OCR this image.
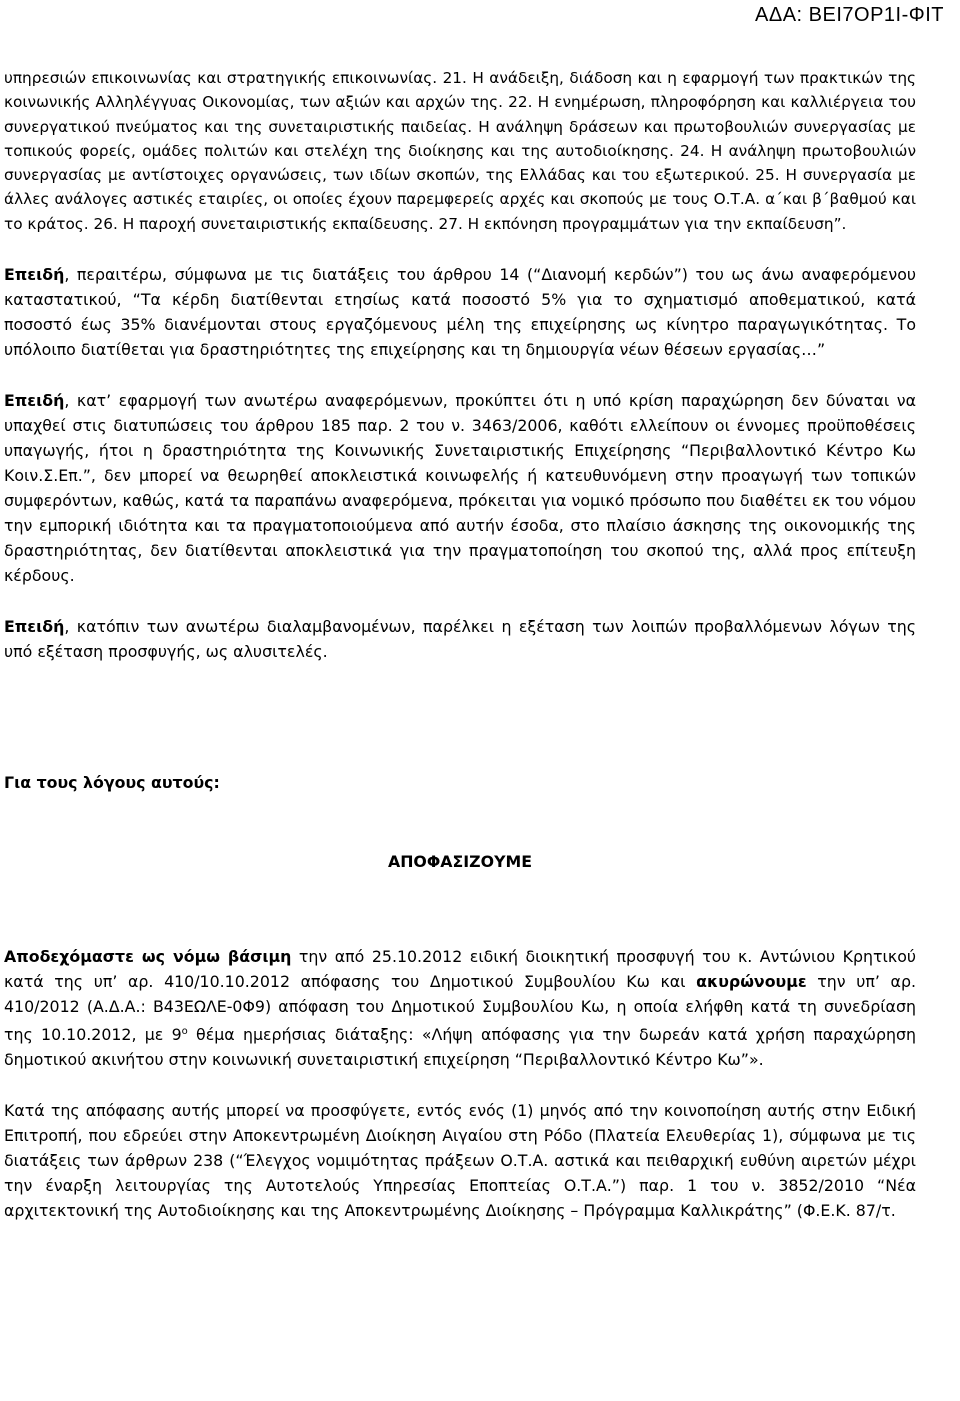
ΑΔΑ: ΒΕΙ7ΟΡ1Ι-ΦΙΤ

υπηρεσιών επικοινωνίας και στρατηγικής επικοινωνίας. 21. Η ανάδειξη, διάδοση και η εφαρμογή των πρακτικών της κοινωνικής Αλληλέγγυας Οικονομίας, των αξιών και αρχών της. 22. Η ενημέρωση, πληροφόρηση και καλλιέργεια του συνεργατικού πνεύματος και της συνεταιριστικής παιδείας. Η ανάληψη δράσεων και πρωτοβουλιών συνεργασίας με τοπικούς φορείς, ομάδες πολιτών και στελέχη της διοίκησης και της αυτοδιοίκησης. 24. Η ανάληψη πρωτοβουλιών συνεργασίας με αντίστοιχες οργανώσεις, των ιδίων σκοπών, της Ελλάδας και του εξωτερικού. 25. Η συνεργασία με άλλες ανάλογες αστικές εταιρίες, οι οποίες έχουν παρεμφερείς αρχές και σκοπούς με τους Ο.Τ.Α. α΄και β΄βαθμού και το κράτος. 26. Η παροχή συνεταιριστικής εκπαίδευσης. 27. Η εκπόνηση προγραμμάτων για την εκπαίδευση”.

Επειδή, περαιτέρω, σύμφωνα με τις διατάξεις του άρθρου 14 (“Διανομή κερδών”) του ως άνω αναφερόμενου καταστατικού, “Τα κέρδη διατίθενται ετησίως κατά ποσοστό 5% για το σχηματισμό αποθεματικού, κατά ποσοστό έως 35% διανέμονται στους εργαζόμενους μέλη της επιχείρησης ως κίνητρο παραγωγικότητας. Το υπόλοιπο διατίθεται για δραστηριότητες της επιχείρησης και τη δημιουργία νέων θέσεων εργασίας…”

Επειδή, κατ’ εφαρμογή των ανωτέρω αναφερόμενων, προκύπτει ότι η υπό κρίση παραχώρηση δεν δύναται να υπαχθεί στις διατυπώσεις του άρθρου 185 παρ. 2 του ν. 3463/2006, καθότι ελλείπουν οι έννομες προϋποθέσεις υπαγωγής, ήτοι η δραστηριότητα της Κοινωνικής Συνεταιριστικής Επιχείρησης “Περιβαλλοντικό Κέντρο Κω Κοιν.Σ.Επ.”, δεν μπορεί να θεωρηθεί αποκλειστικά κοινωφελής ή κατευθυνόμενη στην προαγωγή των τοπικών συμφερόντων, καθώς, κατά τα παραπάνω αναφερόμενα, πρόκειται για νομικό πρόσωπο που διαθέτει εκ του νόμου την εμπορική ιδιότητα και τα πραγματοποιούμενα από αυτήν έσοδα, στο πλαίσιο άσκησης της οικονομικής της δραστηριότητας, δεν διατίθενται αποκλειστικά για την πραγματοποίηση του σκοπού της, αλλά προς επίτευξη κέρδους.

Επειδή, κατόπιν των ανωτέρω διαλαμβανομένων, παρέλκει η εξέταση των λοιπών προβαλλόμενων λόγων της υπό εξέταση προσφυγής, ως αλυσιτελές.

Για τους λόγους αυτούς:

ΑΠΟΦΑΣΙΖΟΥΜΕ

Αποδεχόμαστε ως νόμω βάσιμη την από 25.10.2012 ειδική διοικητική προσφυγή του κ. Αντώνιου Κρητικού κατά της υπ’ αρ. 410/10.10.2012 απόφασης του Δημοτικού Συμβουλίου Κω και ακυρώνουμε την υπ’ αρ. 410/2012 (Α.Δ.Α.: Β43ΕΩΛΕ-0Φ9) απόφαση του Δημοτικού Συμβουλίου Κω, η οποία ελήφθη κατά τη συνεδρίαση της 10.10.2012, με $9^o$ θέμα ημερήσιας διάταξης: «Λήψη απόφασης για την δωρεάν κατά χρήση παραχώρηση δημοτικού ακινήτου στην κοινωνική συνεταιριστική επιχείρηση “Περιβαλλοντικό Κέντρο Κω”».

Κατά της απόφασης αυτής μπορεί να προσφύγετε, εντός ενός (1) μηνός από την κοινοποίηση αυτής στην Ειδική Επιτροπή, που εδρεύει στην Αποκεντρωμένη Διοίκηση Αιγαίου στη Ρόδο (Πλατεία Ελευθερίας 1), σύμφωνα με τις διατάξεις των άρθρων 238 (“Έλεγχος νομιμότητας πράξεων Ο.Τ.Α. αστικά και πειθαρχική ευθύνη αιρετών μέχρι την έναρξη λειτουργίας της Αυτοτελούς Υπηρεσίας Εποπτείας Ο.Τ.Α.”) παρ. 1 του ν. 3852/2010 “Νέα αρχιτεκτονική της Αυτοδιοίκησης και της Αποκεντρωμένης Διοίκησης – Πρόγραμμα Καλλικράτης” (Φ.Ε.Κ. 87/τ.
